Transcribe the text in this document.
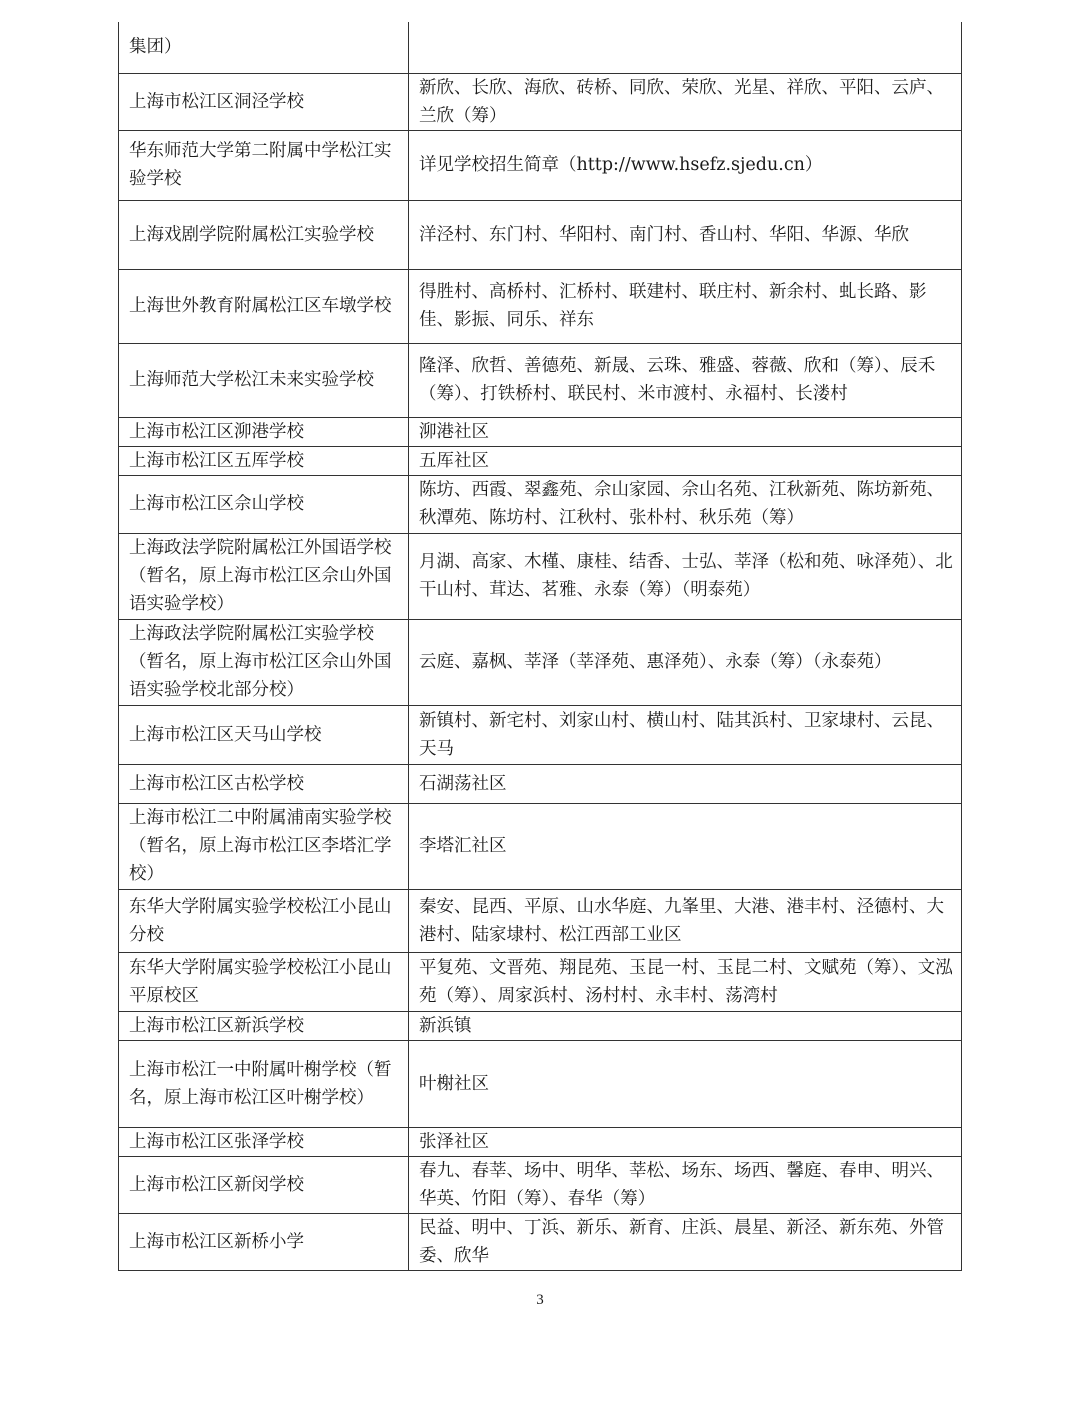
集团）	
上海市松江区洞泾学校	新欣、长欣、海欣、砖桥、同欣、荣欣、光星、祥欣、平阳、云庐、兰欣（筹）
华东师范大学第二附属中学松江实验学校	详见学校招生简章（http://www.hsefz.sjedu.cn）
上海戏剧学院附属松江实验学校	洋泾村、东门村、华阳村、南门村、香山村、华阳、华源、华欣
上海世外教育附属松江区车墩学校	得胜村、高桥村、汇桥村、联建村、联庄村、新余村、虬长路、影佳、影振、同乐、祥东
上海师范大学松江未来实验学校	隆泽、欣哲、善德苑、新晟、云珠、雅盛、蓉薇、欣和（筹）、辰禾（筹）、打铁桥村、联民村、米市渡村、永福村、长溇村
上海市松江区泖港学校	泖港社区
上海市松江区五厍学校	五厍社区
上海市松江区佘山学校	陈坊、西霞、翠鑫苑、佘山家园、佘山名苑、江秋新苑、陈坊新苑、秋潭苑、陈坊村、江秋村、张朴村、秋乐苑（筹）
上海政法学院附属松江外国语学校（暂名，原上海市松江区佘山外国语实验学校）	月湖、高家、木槿、康桂、结香、士弘、莘泽（松和苑、咏泽苑）、北干山村、茸达、茗雅、永泰（筹）（明泰苑）
上海政法学院附属松江实验学校（暂名，原上海市松江区佘山外国语实验学校北部分校）	云庭、嘉枫、莘泽（莘泽苑、惠泽苑）、永泰（筹）（永泰苑）
上海市松江区天马山学校	新镇村、新宅村、刘家山村、横山村、陆其浜村、卫家埭村、云昆、天马
上海市松江区古松学校	石湖荡社区
上海市松江二中附属浦南实验学校（暂名，原上海市松江区李塔汇学校）	李塔汇社区
东华大学附属实验学校松江小昆山分校	秦安、昆西、平原、山水华庭、九峯里、大港、港丰村、泾德村、大港村、陆家埭村、松江西部工业区
东华大学附属实验学校松江小昆山平原校区	平复苑、文晋苑、翔昆苑、玉昆一村、玉昆二村、文赋苑（筹）、文泓苑（筹）、周家浜村、汤村村、永丰村、荡湾村
上海市松江区新浜学校	新浜镇
上海市松江一中附属叶榭学校（暂名，原上海市松江区叶榭学校）	叶榭社区
上海市松江区张泽学校	张泽社区
上海市松江区新闵学校	春九、春莘、场中、明华、莘松、场东、场西、馨庭、春申、明兴、华英、竹阳（筹）、春华（筹）
上海市松江区新桥小学	民益、明中、丁浜、新乐、新育、庄浜、晨星、新泾、新东苑、外管委、欣华
3
